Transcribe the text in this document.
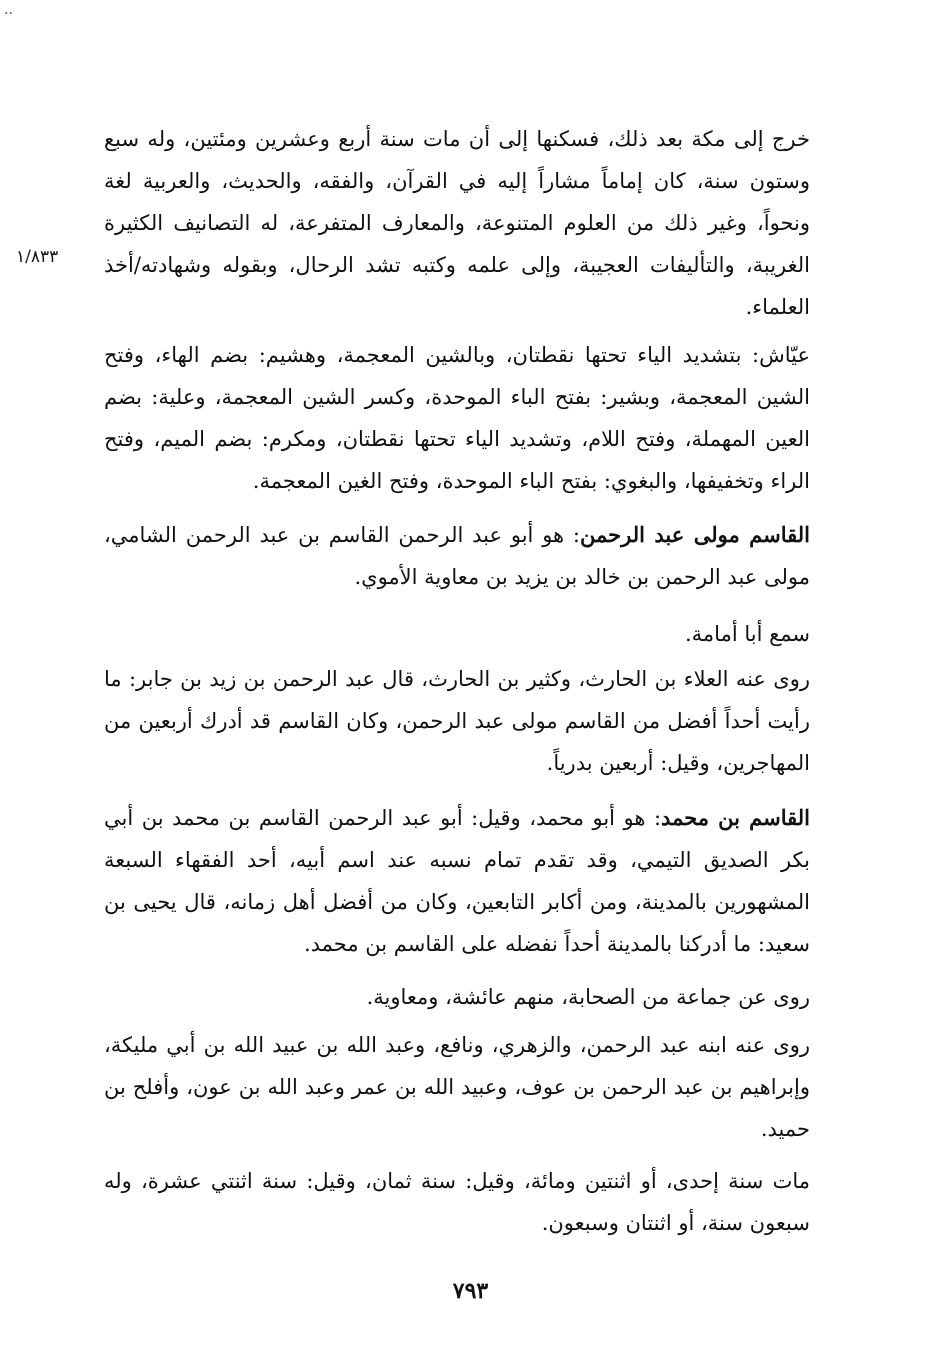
..
١/٨٣٣

خرج إلى مكة بعد ذلك، فسكنها إلى أن مات سنة أربع وعشرين ومئتين، وله سبع وستون سنة، كان إماماً مشاراً إليه في القرآن، والفقه، والحديث، والعربية لغة ونحواً، وغير ذلك من العلوم المتنوعة، والمعارف المتفرعة، له التصانيف الكثيرة الغريبة، والتأليفات العجيبة، وإلى علمه وكتبه تشد الرحال، وبقوله وشهادته/أخذ العلماء.

عيّاش: بتشديد الياء تحتها نقطتان، وبالشين المعجمة، وهشيم: بضم الهاء، وفتح الشين المعجمة، وبشير: بفتح الباء الموحدة، وكسر الشين المعجمة، وعلية: بضم العين المهملة، وفتح اللام، وتشديد الياء تحتها نقطتان، ومكرم: بضم الميم، وفتح الراء وتخفيفها، والبغوي: بفتح الباء الموحدة، وفتح الغين المعجمة.

القاسم مولى عبد الرحمن: هو أبو عبد الرحمن القاسم بن عبد الرحمن الشامي، مولى عبد الرحمن بن خالد بن يزيد بن معاوية الأموي.

سمع أبا أمامة.

روى عنه العلاء بن الحارث، وكثير بن الحارث، قال عبد الرحمن بن زيد بن جابر: ما رأيت أحداً أفضل من القاسم مولى عبد الرحمن، وكان القاسم قد أدرك أربعين من المهاجرين، وقيل: أربعين بدرياً.

القاسم بن محمد: هو أبو محمد، وقيل: أبو عبد الرحمن القاسم بن محمد بن أبي بكر الصديق التيمي، وقد تقدم تمام نسبه عند اسم أبيه، أحد الفقهاء السبعة المشهورين بالمدينة، ومن أكابر التابعين، وكان من أفضل أهل زمانه، قال يحيى بن سعيد: ما أدركنا بالمدينة أحداً نفضله على القاسم بن محمد.

روى عن جماعة من الصحابة، منهم عائشة، ومعاوية.

روى عنه ابنه عبد الرحمن، والزهري، ونافع، وعبد الله بن عبيد الله بن أبي مليكة، وإبراهيم بن عبد الرحمن بن عوف، وعبيد الله بن عمر وعبد الله بن عون، وأفلح بن حميد.

مات سنة إحدى، أو اثنتين ومائة، وقيل: سنة ثمان، وقيل: سنة اثنتي عشرة، وله سبعون سنة، أو اثنتان وسبعون.

٧٩٣
